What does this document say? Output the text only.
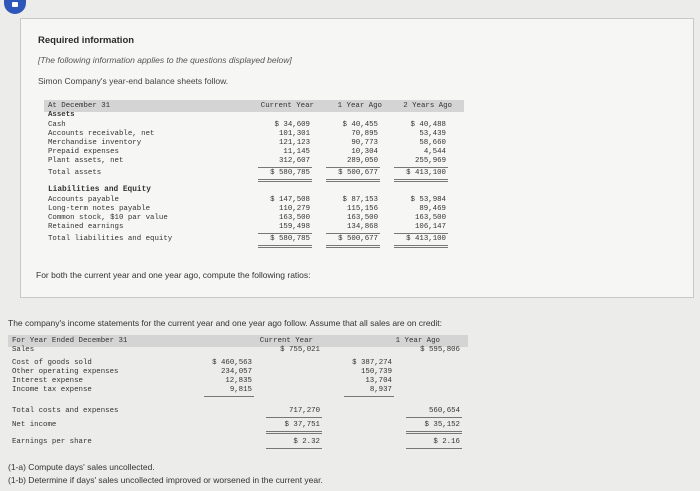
Required information
[The following information applies to the questions displayed below]
Simon Company's year-end balance sheets follow.
At December 31	Current Year	1 Year Ago	2 Years Ago
Assets
Cash	$ 34,609	$ 40,455	$ 40,488
Accounts receivable, net	101,301	70,895	53,439
Merchandise inventory	121,123	90,773	58,660
Prepaid expenses	11,145	10,304	4,544
Plant assets, net	312,607	289,050	255,969
Total assets	$ 580,785	$ 500,677	$ 413,100
Liabilities and Equity
Accounts payable	$ 147,508	$ 87,153	$ 53,984
Long-term notes payable	110,279	115,156	89,469
Common stock, $10 par value	163,500	163,500	163,500
Retained earnings	159,498	134,868	106,147
Total liabilities and equity	$ 580,785	$ 500,677	$ 413,100
For both the current year and one year ago, compute the following ratios:
The company's income statements for the current year and one year ago follow. Assume that all sales are on credit:
For Year Ended December 31	Current Year	1 Year Ago
Sales	$ 755,021	$ 595,806
Cost of goods sold	$ 460,563	$ 387,274
Other operating expenses	234,057	150,739
Interest expense	12,835	13,704
Income tax expense	9,815	8,937
Total costs and expenses	717,270	560,654
Net income	$ 37,751	$ 35,152
Earnings per share	$ 2.32	$ 2.16
(1-a) Compute days' sales uncollected.
(1-b) Determine if days' sales uncollected improved or worsened in the current year.
